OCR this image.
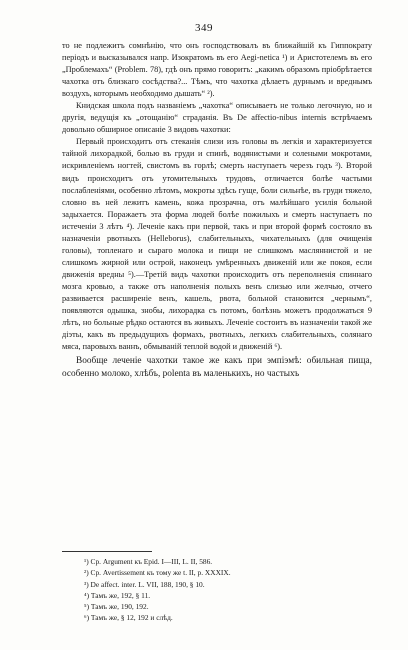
349

то не подлежитъ сомнѣнію, что онъ господствовалъ въ ближайшій къ Гиппократу періодъ и высказывался напр. Изократомъ въ его Aegi-netica ¹) и Аристотелемъ въ его „Проблемахъ“ (Problem. 78), гдѣ онъ прямо говоритъ: „какимъ образомъ пріобрѣтается чахотка отъ близкаго сосѣдства?... Тѣмъ, что чахотка дѣлаетъ дурнымъ и вреднымъ воздухъ, которымъ необходимо дышать“ ²).

Книдская школа подъ названіемъ „чахотка“ описываетъ не только легочную, но и другія, ведущія къ „отощанію“ страданія. Въ De affectio-nibus internis встрѣчаемъ довольно обширное описаніе 3 видовъ чахотки:

Первый происходитъ отъ стеканія слизи изъ головы въ легкія и характеризуется тайной лихорадкой, болью въ груди и спинѣ, водянистыми и солеными мокротами, искривленіемъ ногтей, свистомъ въ горлѣ; смерть наступаетъ черезъ годъ ³). Второй видъ происходитъ отъ утомительныхъ трудовъ, отличается болѣе частыми послабленіями, особенно лѣтомъ, мокроты здѣсь гуще, боли сильнѣе, въ груди тяжело, словно въ ней лежитъ камень, кожа прозрачна, отъ малѣйшаго усилія больной задыхается. Поражаетъ эта форма людей болѣе пожилыхъ и смерть наступаетъ по истеченіи 3 лѣтъ ⁴). Леченіе какъ при первой, такъ и при второй формѣ состояло въ назначеніи рвотныхъ (Helleborus), слабительныхъ, чихательныхъ (для очищенія головы), топленаго и сыраго молока и пищи не слишкомъ масляннистой и не слишкомъ жирной или острой, наконецъ умѣренныхъ движеній или же покоя, если движенія вредны ⁵).—Третій видъ чахотки происходитъ отъ переполненія спиннаго мозга кровью, а также отъ наполненія полыхъ венъ слизью или желчью, отчего развивается расширеніе венъ, кашель, рвота, больной становится „чернымъ“, появляются одышка, знобы, лихорадка съ потомъ, болѣзнь можетъ продолжаться 9 лѣтъ, но больные рѣдко остаются въ живыхъ. Леченіе состоитъ въ назначеніи такой же діэты, какъ въ предыдущихъ формахъ, рвотныхъ, легкихъ слабительныхъ, солянаго мяса, паровыхъ ваннъ, обмываній теплой водой и движеній ⁶).

Вообще леченіе чахотки такое же какъ при эмпіэмѣ: обильная пища, особенно молоко, хлѣбъ, polenta въ маленькихъ, но частыхъ

¹) Ср. Argument къ Epid. I—III, L. II, 586.
²) Ср. Avertissement къ тому же t. II, p. XXXIX.
³) De affect. inter. L. VII, 188, 190, § 10.
⁴) Тамъ же, 192, § 11.
⁵) Тамъ же, 190, 192.
⁶) Тамъ же, § 12, 192 и слѣд.
